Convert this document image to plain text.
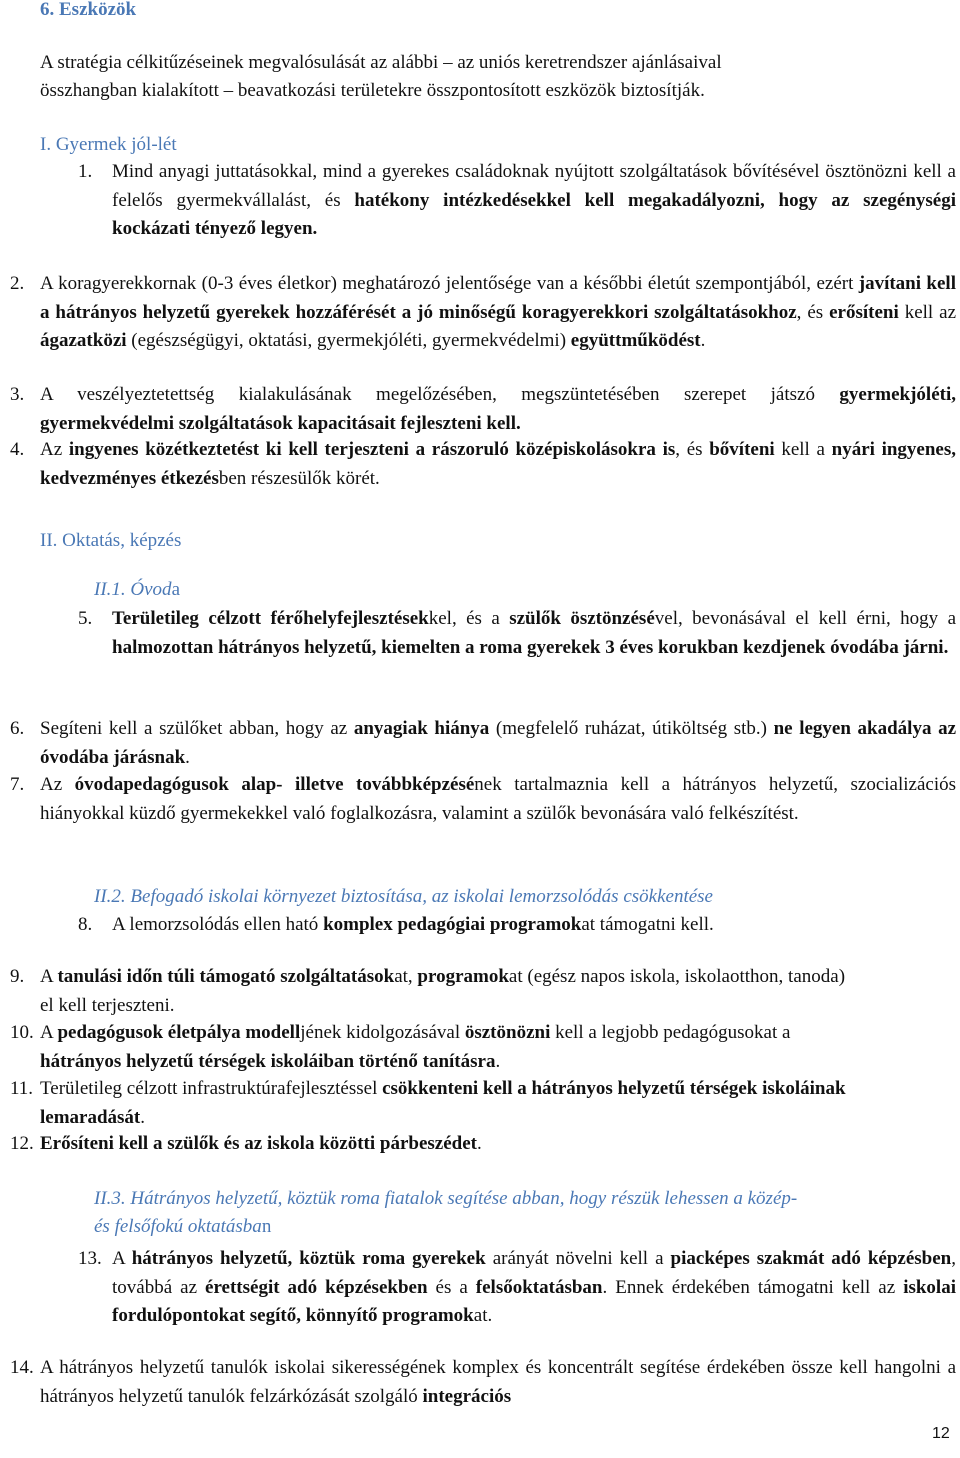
6. Eszközök
A stratégia célkitűzéseinek megvalósulását az alábbi – az uniós keretrendszer ajánlásaival
összhangban kialakított – beavatkozási területekre összpontosított eszközök biztosítják.
I. Gyermek jól-lét
1. Mind anyagi juttatásokkal, mind a gyerekes családoknak nyújtott szolgáltatások bővítésével ösztönözni kell a felelős gyermekvállalást, és hatékony intézkedésekkel kell megakadályozni, hogy az szegénységi kockázati tényező legyen.
2. A koragyerekkornak (0-3 éves életkor) meghatározó jelentősége van a későbbi életút szempontjából, ezért javítani kell a hátrányos helyzetű gyerekek hozzáférését a jó minőségű koragyerekkori szolgáltatásokhoz, és erősíteni kell az ágazatközi (egészségügyi, oktatási, gyermekjóléti, gyermekvédelmi) együttműködést.
3. A veszélyeztetettség kialakulásának megelőzésében, megszüntetésében szerepet játszó gyermekjóléti, gyermekvédelmi szolgáltatások kapacitásait fejleszteni kell.
4. Az ingyenes közétkeztetést ki kell terjeszteni a rászoruló középiskolásokra is, és bővíteni kell a nyári ingyenes, kedvezményes étkezésben részesülők körét.
II. Oktatás, képzés
II.1. Óvoda
5. Területileg célzott férőhelyfejlesztésekkel, és a szülők ösztönzésével, bevonásával el kell érni, hogy a halmozottan hátrányos helyzetű, kiemelten a roma gyerekek 3 éves korukban kezdjenek óvodába járni.
6. Segíteni kell a szülőket abban, hogy az anyagiak hiánya (megfelelő ruházat, útiköltség stb.) ne legyen akadálya az óvodába járásnak.
7. Az óvodapedagógusok alap- illetve továbbképzésének tartalmaznia kell a hátrányos helyzetű, szocializációs hiányokkal küzdő gyermekekkel való foglalkozásra, valamint a szülők bevonására való felkészítést.
II.2. Befogadó iskolai környezet biztosítása, az iskolai lemorzsolódás csökkentése
8. A lemorzsolódás ellen ható komplex pedagógiai programokat támogatni kell.
9. A tanulási időn túli támogató szolgáltatásokat, programokat (egész napos iskola, iskolaotthon, tanoda) el kell terjeszteni.
10. A pedagógusok életpálya modelljének kidolgozásával ösztönözni kell a legjobb pedagógusokat a hátrányos helyzetű térségek iskoláiban történő tanításra.
11. Területileg célzott infrastruktúrafejlesztéssel csökkenteni kell a hátrányos helyzetű térségek iskoláinak lemaradását.
12. Erősíteni kell a szülők és az iskola közötti párbeszédet.
II.3. Hátrányos helyzetű, köztük roma fiatalok segítése abban, hogy részük lehessen a közép-
és felsőfokú oktatásban
13. A hátrányos helyzetű, köztük roma gyerekek arányát növelni kell a piacképes szakmát adó képzésben, továbbá az érettségit adó képzésekben és a felsőoktatásban. Ennek érdekében támogatni kell az iskolai fordulópontokat segítő, könnyítő programokat.
14. A hátrányos helyzetű tanulók iskolai sikerességének komplex és koncentrált segítése érdekében össze kell hangolni a hátrányos helyzetű tanulók felzárkózását szolgáló integrációs
12
